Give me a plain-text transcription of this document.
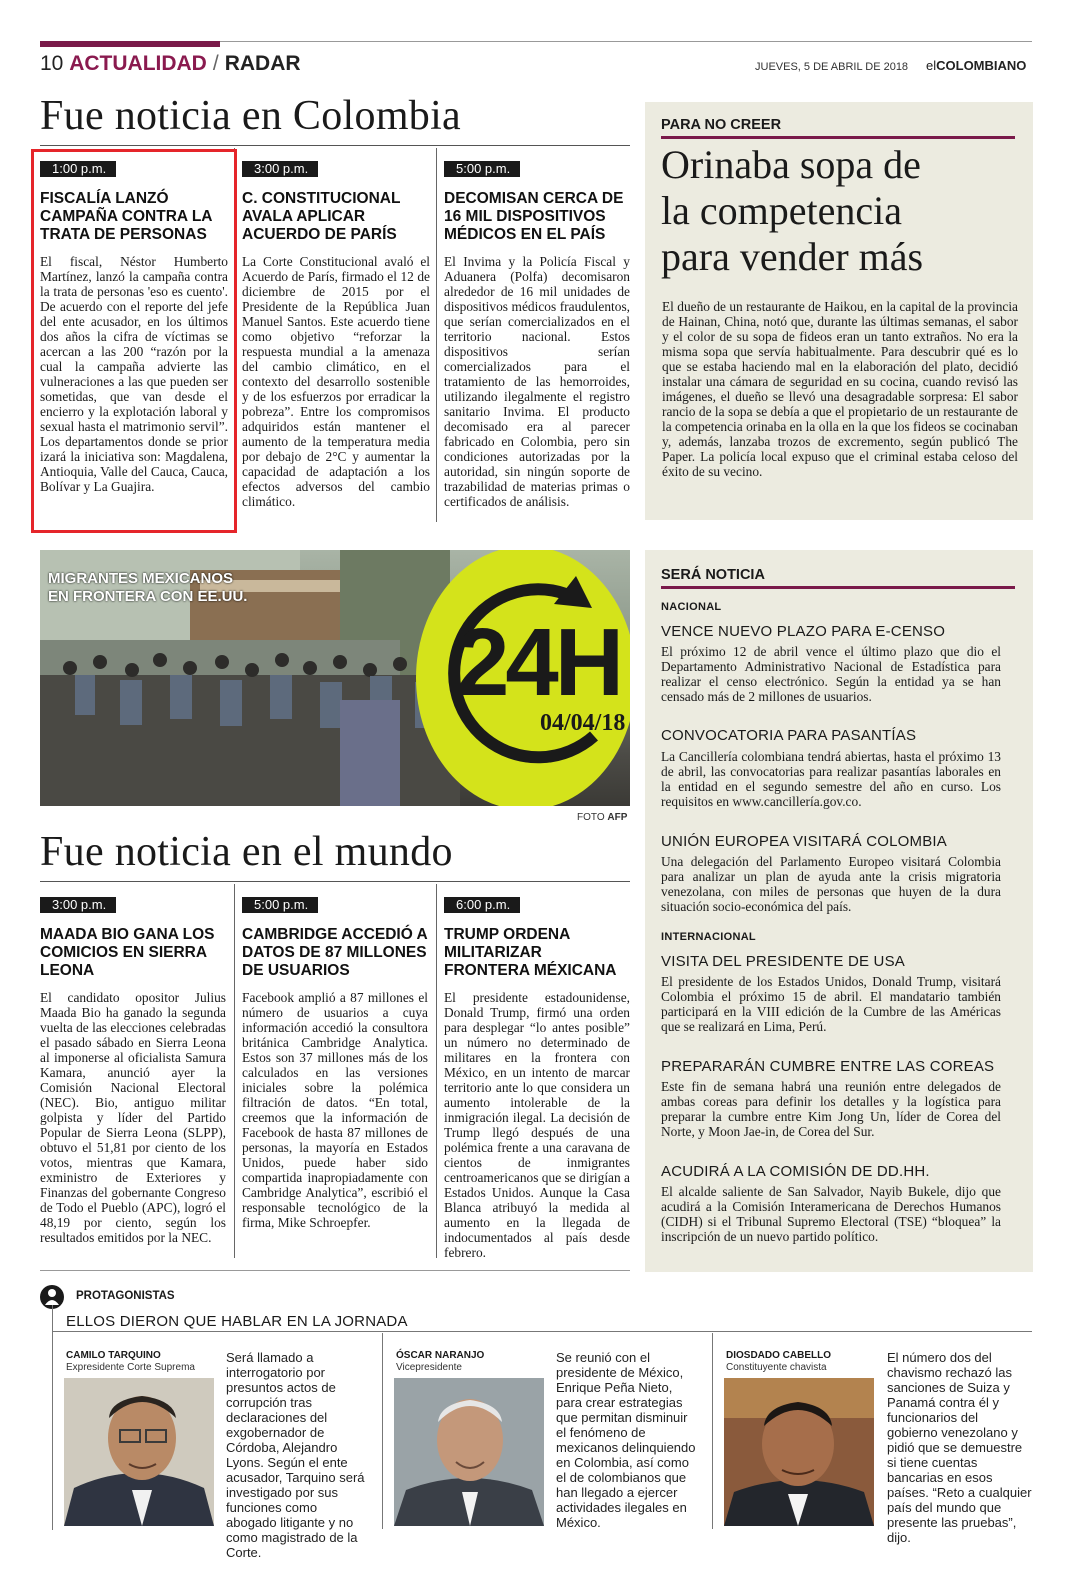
10 ACTUALIDAD / RADAR	JUEVES, 5 DE ABRIL DE 2018 elCOLOMBIANO
Fue noticia en Colombia
1:00 p.m.
FISCALÍA LANZÓ CAMPAÑA CONTRA LA TRATA DE PERSONAS
El fiscal, Néstor Humberto Martínez, lanzó la campaña contra la trata de personas 'eso es cuento'. De acuerdo con el reporte del jefe del ente acusador, en los últimos dos años la cifra de víctimas se acercan a las 200 “razón por la cual la campaña advierte las vulneraciones a las que pueden ser sometidas, que van desde el encierro y la explotación laboral y sexual hasta el matrimonio servil”. Los departamentos donde se prior izará la iniciativa son: Magdalena, Antioquia, Valle del Cauca, Cauca, Bolívar y La Guajira.
3:00 p.m.
C. CONSTITUCIONAL AVALA APLICAR ACUERDO DE PARÍS
La Corte Constitucional avaló el Acuerdo de París, firmado el 12 de diciembre de 2015 por el Presidente de la República Juan Manuel Santos. Este acuerdo tiene como objetivo “reforzar la respuesta mundial a la amenaza del cambio climático, en el contexto del desarrollo sostenible y de los esfuerzos por erradicar la pobreza”. Entre los compromisos adquiridos están mantener el aumento de la temperatura media por debajo de 2°C y aumentar la capacidad de adaptación a los efectos adversos del cambio climático.
5:00 p.m.
DECOMISAN CERCA DE 16 MIL DISPOSITIVOS MÉDICOS EN EL PAÍS
El Invima y la Policía Fiscal y Aduanera (Polfa) decomisaron alrededor de 16 mil unidades de dispositivos médicos fraudulentos, que serían comercializados en el territorio nacional. Estos dispositivos serían comercializados para el tratamiento de las hemorroides, utilizando ilegalmente el registro sanitario Invima. El producto decomisado era al parecer fabricado en Colombia, pero sin condiciones autorizadas por la autoridad, sin ningún soporte de trazabilidad de materias primas o certificados de análisis.
PARA NO CREER
Orinaba sopa de
la competencia
para vender más
El dueño de un restaurante de Haikou, en la capital de la provincia de Hainan, China, notó que, durante las últimas semanas, el sabor y el color de su sopa de fideos eran un tanto extraños. No era la misma sopa que servía habitualmente. Para descubrir qué es lo que se estaba haciendo mal en la elaboración del plato, decidió instalar una cámara de seguridad en su cocina, cuando revisó las imágenes, el dueño se llevó una desagradable sorpresa: El sabor rancio de la sopa se debía a que el propietario de un restaurante de la competencia orinaba en la olla en la que los fideos se cocinaban y, además, lanzaba trozos de excremento, según publicó The Paper. La policía local expuso que el criminal estaba celoso del éxito de su vecino.
MIGRANTES MEXICANOS
EN FRONTERA CON EE.UU.
24H
04/04/18
FOTO AFP
Fue noticia en el mundo
3:00 p.m.
MAADA BIO GANA LOS COMICIOS EN SIERRA LEONA
El candidato opositor Julius Maada Bio ha ganado la segunda vuelta de las elecciones celebradas el pasado sábado en Sierra Leona al imponerse al oficialista Samura Kamara, anunció ayer la Comisión Nacional Electoral (NEC). Bio, antiguo militar golpista y líder del Partido Popular de Sierra Leona (SLPP), obtuvo el 51,81 por ciento de los votos, mientras que Kamara, exministro de Exteriores y Finanzas del gobernante Congreso de Todo el Pueblo (APC), logró el 48,19 por ciento, según los resultados emitidos por la NEC.
5:00 p.m.
CAMBRIDGE ACCEDIÓ A DATOS DE 87 MILLONES DE USUARIOS
Facebook amplió a 87 millones el número de usuarios a cuya información accedió la consultora británica Cambridge Analytica. Estos son 37 millones más de los calculados en las versiones iniciales sobre la polémica filtración de datos. “En total, creemos que la información de Facebook de hasta 87 millones de personas, la mayoría en Estados Unidos, puede haber sido compartida inapropiadamente con Cambridge Analytica”, escribió el responsable tecnológico de la firma, Mike Schroepfer.
6:00 p.m.
TRUMP ORDENA MILITARIZAR FRONTERA MÉXICANA
El presidente estadounidense, Donald Trump, firmó una orden para desplegar “lo antes posible” un número no determinado de militares en la frontera con México, en un intento de marcar territorio ante lo que considera un aumento intolerable de la inmigración ilegal. La decisión de Trump llegó después de una polémica frente a una caravana de cientos de inmigrantes centroamericanos que se dirigían a Estados Unidos. Aunque la Casa Blanca atribuyó la medida al aumento en la llegada de indocumentados al país desde febrero.
SERÁ NOTICIA
NACIONAL
VENCE NUEVO PLAZO PARA E-CENSO
El próximo 12 de abril vence el último plazo que dio el Departamento Administrativo Nacional de Estadística para realizar el censo electrónico. Según la entidad ya se han censado más de 2 millones de usuarios.
CONVOCATORIA PARA PASANTÍAS
La Cancillería colombiana tendrá abiertas, hasta el próximo 13 de abril, las convocatorias para realizar pasantías laborales en la entidad en el segundo semestre del año en curso. Los requisitos en www.cancillería.gov.co.
UNIÓN EUROPEA VISITARÁ COLOMBIA
Una delegación del Parlamento Europeo visitará Colombia para analizar un plan de ayuda ante la crisis migratoria venezolana, con miles de personas que huyen de la dura situación socio-económica del país.
INTERNACIONAL
VISITA DEL PRESIDENTE DE USA
El presidente de los Estados Unidos, Donald Trump, visitará Colombia el próximo 15 de abril. El mandatario también participará en la VIII edición de la Cumbre de las Américas que se realizará en Lima, Perú.
PREPARARÁN CUMBRE ENTRE LAS COREAS
Este fin de semana habrá una reunión entre delegados de ambas coreas para definir los detalles y la logística para preparar la cumbre entre Kim Jong Un, líder de Corea del Norte, y Moon Jae-in, de Corea del Sur.
ACUDIRÁ A LA COMISIÓN DE DD.HH.
El alcalde saliente de San Salvador, Nayib Bukele, dijo que acudirá a la Comisión Interamericana de Derechos Humanos (CIDH) si el Tribunal Supremo Electoral (TSE) “bloquea” la inscripción de un nuevo partido político.
PROTAGONISTAS
ELLOS DIERON QUE HABLAR EN LA JORNADA
CAMILO TARQUINO
Expresidente Corte Suprema
Será llamado a interrogatorio por presuntos actos de corrupción tras declaraciones del exgobernador de Córdoba, Alejandro Lyons. Según el ente acusador, Tarquino será investigado por sus funciones como abogado litigante y no como magistrado de la Corte.
ÓSCAR NARANJO
Vicepresidente
Se reunió con el presidente de México, Enrique Peña Nieto, para crear estrategias que permitan disminuir el fenómeno de mexicanos delinquiendo en Colombia, así como el de colombianos que han llegado a ejercer actividades ilegales en México.
DIOSDADO CABELLO
Constituyente chavista
El número dos del chavismo rechazó las sanciones de Suiza y Panamá contra él y funcionarios del gobierno venezolano y pidió que se demuestre si tiene cuentas bancarias en esos países. “Reto a cualquier país del mundo que presente las pruebas”, dijo.
